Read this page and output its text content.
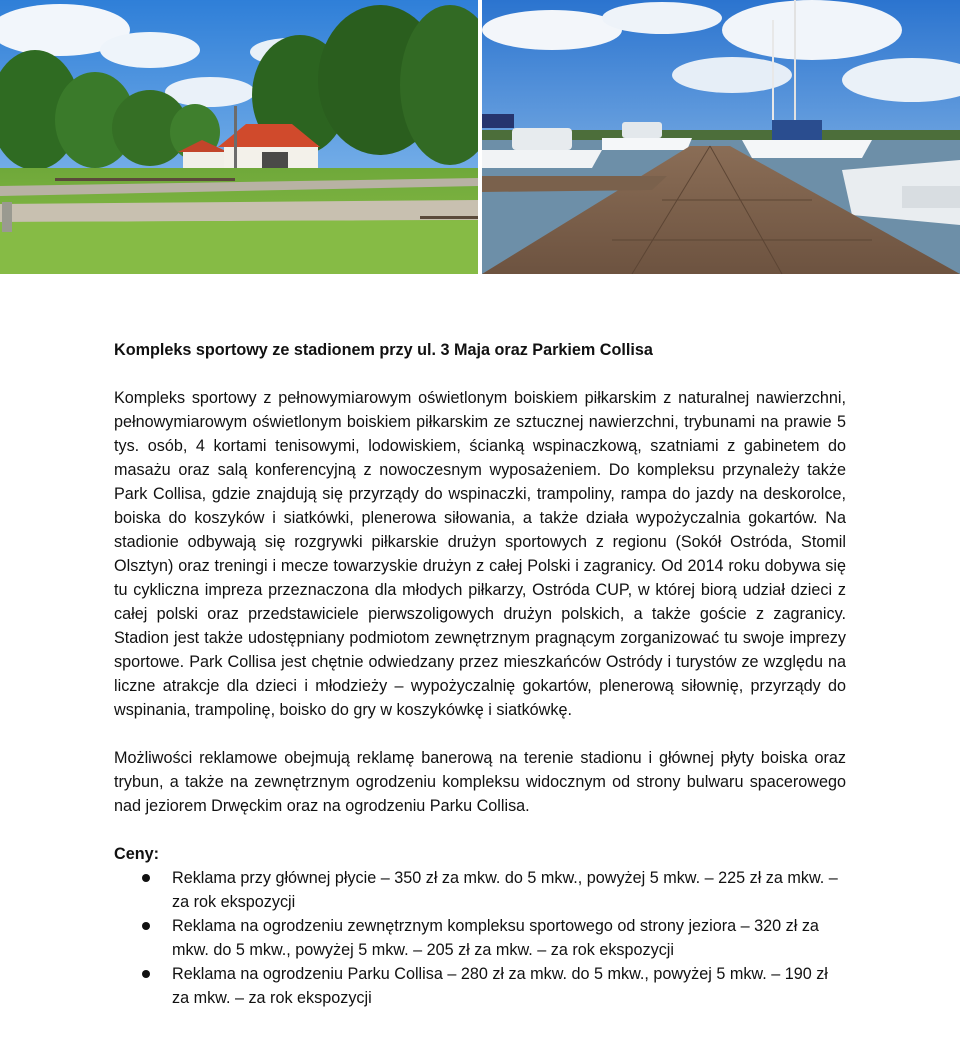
Kompleks sportowy ze stadionem przy ul. 3 Maja oraz Parkiem Collisa

Kompleks sportowy z pełnowymiarowym oświetlonym boiskiem piłkarskim z naturalnej nawierzchni, pełnowymiarowym oświetlonym boiskiem piłkarskim ze sztucznej nawierzchni, trybunami na prawie 5 tys. osób, 4 kortami tenisowymi, lodowiskiem, ścianką wspinaczkową, szatniami z gabinetem do masażu oraz salą konferencyjną z nowoczesnym wyposażeniem. Do kompleksu przynależy także Park Collisa, gdzie znajdują się przyrządy do wspinaczki, trampoliny, rampa do jazdy na deskorolce, boiska do koszyków i siatkówki, plenerowa siłowania, a także działa wypożyczalnia gokartów. Na stadionie odbywają się rozgrywki piłkarskie drużyn sportowych z regionu (Sokół Ostróda, Stomil Olsztyn) oraz treningi i mecze towarzyskie drużyn z całej Polski i zagranicy. Od 2014 roku dobywa się tu cykliczna impreza przeznaczona dla młodych piłkarzy, Ostróda CUP, w której biorą udział dzieci z całej polski oraz przedstawiciele pierwszoligowych drużyn polskich, a także goście z zagranicy. Stadion jest także udostępniany podmiotom zewnętrznym pragnącym zorganizować tu swoje imprezy sportowe. Park Collisa jest chętnie odwiedzany przez mieszkańców Ostródy i turystów ze względu na liczne atrakcje dla dzieci i młodzieży – wypożyczalnię gokartów, plenerową siłownię, przyrządy do wspinania, trampolinę, boisko do gry w koszykówkę i siatkówkę.

Możliwości reklamowe obejmują reklamę banerową na terenie stadionu i głównej płyty boiska oraz trybun, a także na zewnętrznym ogrodzeniu kompleksu widocznym od strony bulwaru spacerowego nad jeziorem Drwęckim oraz na ogrodzeniu Parku Collisa.

Ceny:

Reklama przy głównej płycie – 350 zł za mkw. do 5 mkw., powyżej 5 mkw. – 225 zł za mkw. – za rok ekspozycji
Reklama na ogrodzeniu zewnętrznym kompleksu sportowego od strony jeziora – 320 zł za mkw. do 5 mkw., powyżej 5 mkw. – 205 zł za mkw. – za rok ekspozycji
Reklama na ogrodzeniu Parku Collisa – 280 zł za mkw. do 5 mkw., powyżej 5 mkw. – 190 zł za mkw. – za rok ekspozycji
